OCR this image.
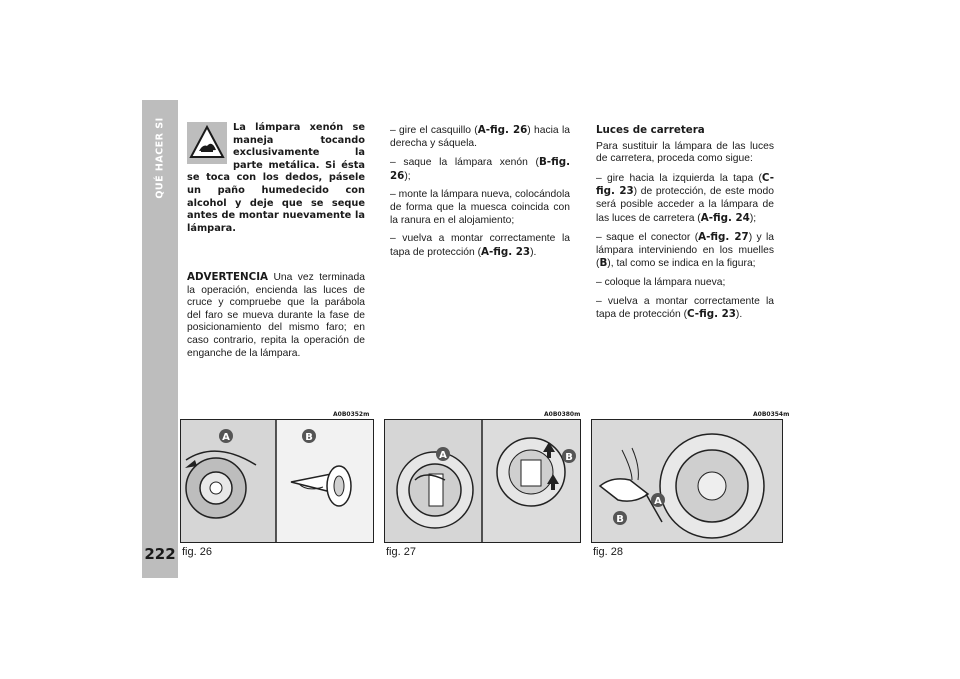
QUÉ HACER SI
222
La lámpara xenón se maneja tocando exclusivamente la parte metálica. Si ésta se toca con los dedos, pásele un paño humedecido con alcohol y deje que se seque antes de montar nuevamente la lámpara.

ADVERTENCIA Una vez terminada la operación, encienda las luces de cruce y compruebe que la parábola del faro se mueva durante la fase de posicionamiento del mismo faro; en caso contrario, repita la operación de enganche de la lámpara.

– gire el casquillo (A-fig. 26) hacia la derecha y sáquela.

– saque la lámpara xenón (B-fig. 26);

– monte la lámpara nueva, colocándola de forma que la muesca coincida con la ranura en el alojamiento;

– vuelva a montar correctamente la tapa de protección (A-fig. 23).

Luces de carretera

Para sustituir la lámpara de las luces de carretera, proceda como sigue:

– gire hacia la izquierda la tapa (C-fig. 23) de protección, de este modo será posible acceder a la lámpara de las luces de carretera (A-fig. 24);

– saque el conector (A-fig. 27) y la lámpara interviniendo en los muelles (B), tal como se indica en la figura;

– coloque la lámpara nueva;

– vuelva a montar correctamente la tapa de protección (C-fig. 23).

A0B0352m
A	B
fig. 26
A0B0380m
A	B
fig. 27
A0B0354m
A
B
fig. 28
